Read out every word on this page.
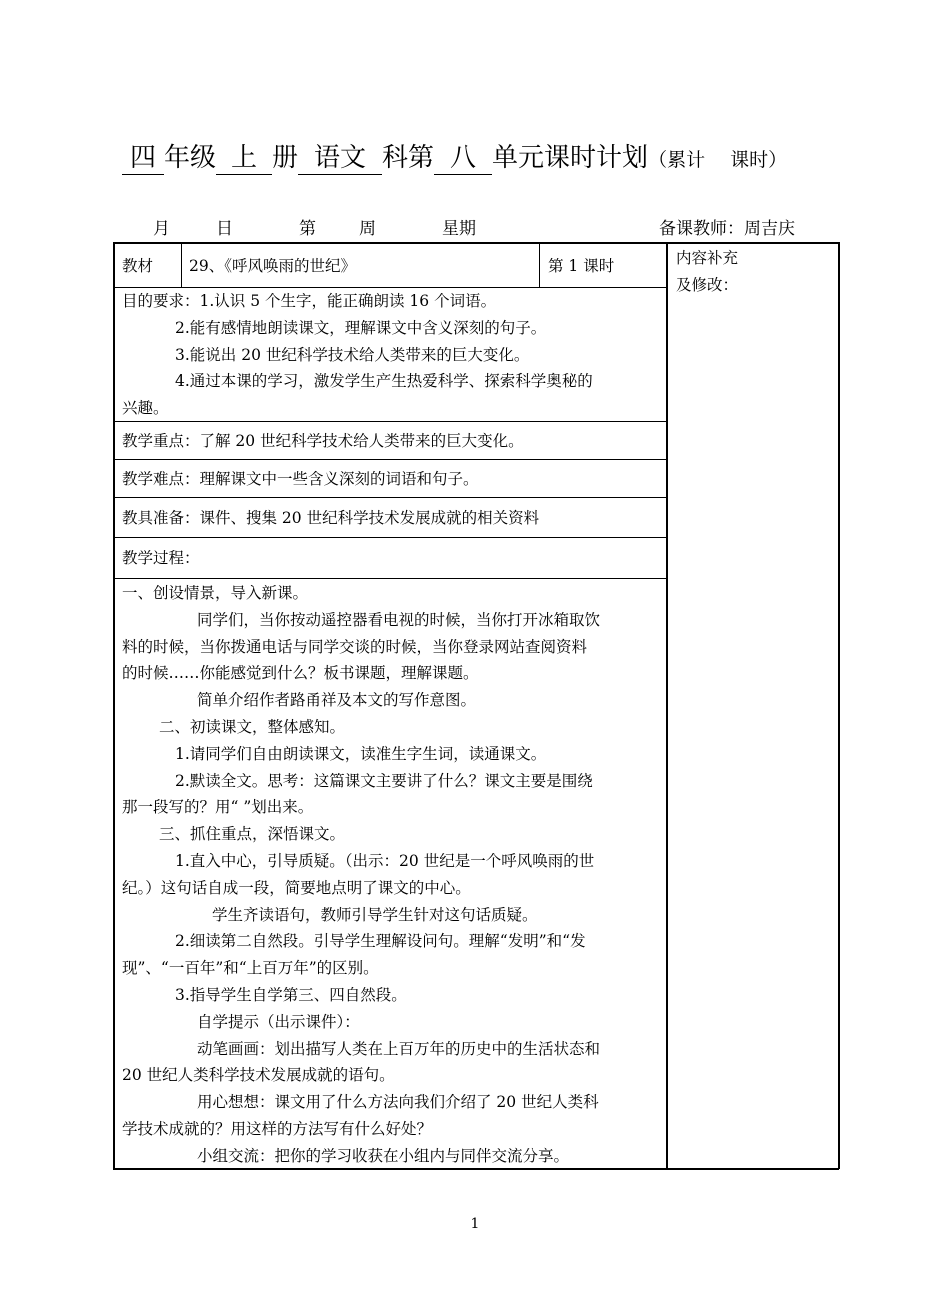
四 年级 上 册 语文 科第 八 单元课时计划（累计　 课时）
月	日	第	周	星期	备课教师：周吉庆
教材 29、《呼风唤雨的世纪》	第 1 课时	内容补充
及修改：
目的要求：1.认识 5 个生字，能正确朗读 16 个词语。
2.能有感情地朗读课文，理解课文中含义深刻的句子。
3.能说出 20 世纪科学技术给人类带来的巨大变化。
4.通过本课的学习，激发学生产生热爱科学、探索科学奥秘的
兴趣。
教学重点：了解 20 世纪科学技术给人类带来的巨大变化。
教学难点：理解课文中一些含义深刻的词语和句子。
教具准备：课件、搜集 20 世纪科学技术发展成就的相关资料
教学过程：
一、创设情景，导入新课。
同学们，当你按动遥控器看电视的时候，当你打开冰箱取饮
料的时候，当你拨通电话与同学交谈的时候，当你登录网站查阅资料
的时候……你能感觉到什么？板书课题，理解课题。
简单介绍作者路甬祥及本文的写作意图。
二、初读课文，整体感知。
1.请同学们自由朗读课文，读准生字生词，读通课文。
2.默读全文。思考：这篇课文主要讲了什么？课文主要是围绕
那一段写的？用“ ”划出来。
三、抓住重点，深悟课文。
1.直入中心，引导质疑。（出示：20 世纪是一个呼风唤雨的世
纪。）这句话自成一段，简要地点明了课文的中心。
学生齐读语句，教师引导学生针对这句话质疑。
2.细读第二自然段。引导学生理解设问句。理解“发明”和“发
现”、“一百年”和“上百万年”的区别。
3.指导学生自学第三、四自然段。
自学提示（出示课件）：
动笔画画：划出描写人类在上百万年的历史中的生活状态和
20 世纪人类科学技术发展成就的语句。
用心想想：课文用了什么方法向我们介绍了 20 世纪人类科
学技术成就的？用这样的方法写有什么好处？
小组交流：把你的学习收获在小组内与同伴交流分享。
1
